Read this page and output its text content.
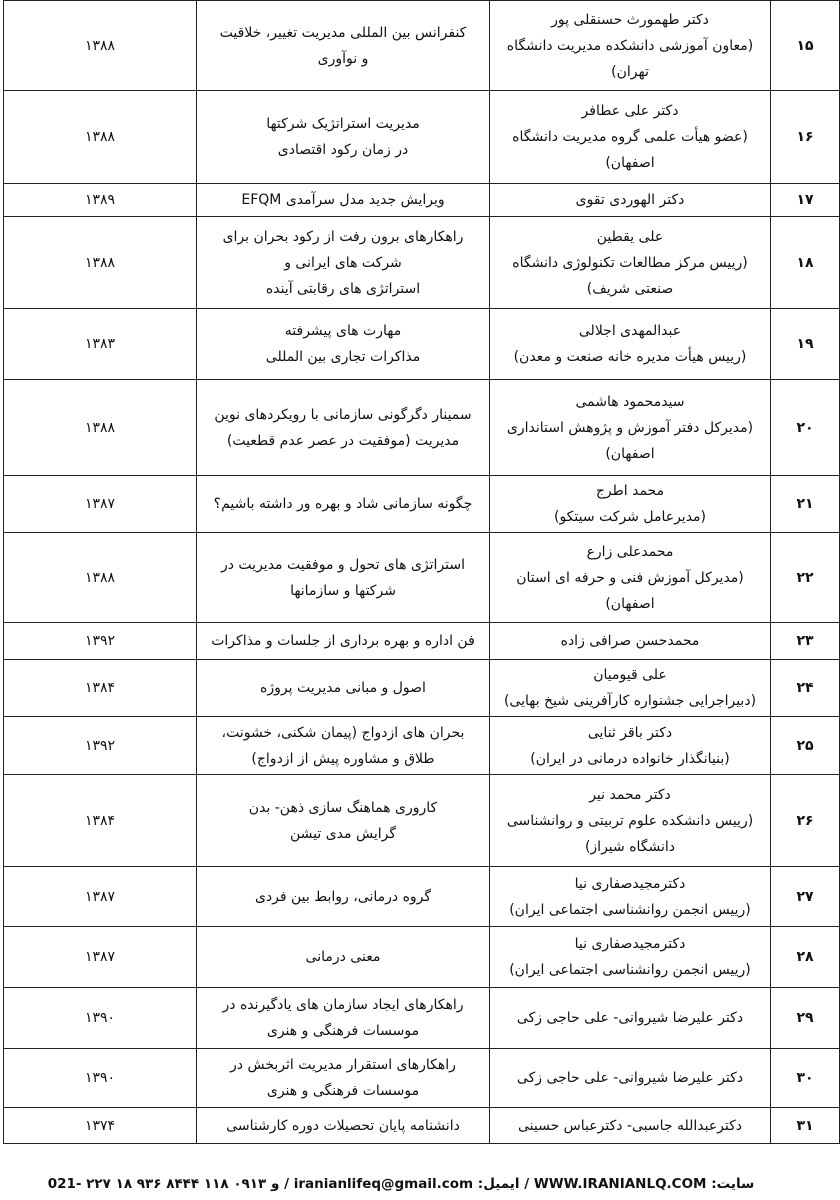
۱۵	دکتر طهمورث حسنقلی پور
(معاون آموزشی دانشکده مدیریت دانشگاه
تهران)	کنفرانس بین المللی مدیریت تغییر، خلاقیت
و نوآوری	۱۳۸۸
۱۶	دکتر علی عطافر
(عضو هیأت علمی گروه مدیریت دانشگاه
اصفهان)	مدیریت استراتژیک شرکتها
در زمان رکود اقتصادی	۱۳۸۸
۱۷	دکتر الهوردی تقوی	ویرایش جدید مدل سرآمدی EFQM	۱۳۸۹
۱۸	علی یقطین
(رییس مرکز مطالعات تکنولوژی دانشگاه
صنعتی شریف)	راهکارهای برون رفت از رکود بحران برای
شرکت های ایرانی و
استراتژی های رقابتی آینده	۱۳۸۸
۱۹	عبدالمهدی اجلالی
(رییس هیأت مدیره خانه صنعت و معدن)	مهارت های پیشرفته
مذاکرات تجاری بین المللی	۱۳۸۳
۲۰	سیدمحمود هاشمی
(مدیرکل دفتر آموزش و پژوهش استانداری
اصفهان)	سمینار دگرگونی سازمانی با رویکردهای نوین
مدیریت (موفقیت در عصر عدم قطعیت)	۱۳۸۸
۲۱	محمد اطرج
(مدیرعامل شرکت سیتکو)	چگونه سازمانی شاد و بهره ور داشته باشیم؟	۱۳۸۷
۲۲	محمدعلی زارع
(مدیرکل آموزش فنی و حرفه ای استان
اصفهان)	استراتژی های تحول و موفقیت مدیریت در
شرکتها و سازمانها	۱۳۸۸
۲۳	محمدحسن صرافی زاده	فن اداره و بهره برداری از جلسات و مذاکرات	۱۳۹۲
۲۴	علی قیومیان
(دبیراجرایی جشنواره کارآفرینی شیخ بهایی)	اصول و مبانی مدیریت پروژه	۱۳۸۴
۲۵	دکتر باقر ثنایی
(بنیانگذار خانواده درمانی در ایران)	بحران های ازدواج (پیمان شکنی، خشونت،
طلاق و مشاوره پیش از ازدواج)	۱۳۹۲
۲۶	دکتر محمد نیر
(رییس دانشکده علوم تربیتی و روانشناسی
دانشگاه شیراز)	کاروری هماهنگ سازی ذهن- بدن
گرایش مدی تیشن	۱۳۸۴
۲۷	دکترمجیدصفاری نیا
(رییس انجمن روانشناسی اجتماعی ایران)	گروه درمانی، روابط بین فردی	۱۳۸۷
۲۸	دکترمجیدصفاری نیا
(رییس انجمن روانشناسی اجتماعی ایران)	معنی درمانی	۱۳۸۷
۲۹	دکتر علیرضا شیروانی- علی حاجی زکی	راهکارهای ایجاد سازمان های یادگیرنده در
موسسات فرهنگی و هنری	۱۳۹۰
۳۰	دکتر علیرضا شیروانی- علی حاجی زکی	راهکارهای استقرار مدیریت اثربخش در
موسسات فرهنگی و هنری	۱۳۹۰
۳۱	دکترعبدالله جاسبی- دکترعباس حسینی	دانشنامه پایان تحصیلات دوره کارشناسی	۱۳۷۴
021- ۲۲۷ ۱۸ ۹۳۶ و ۰۹۱۳ ۱۱۸ ۸۴۴۴ / iranianlifeq@gmail.com :ایمیل / WWW.IRANIANLQ.COM :سایت
